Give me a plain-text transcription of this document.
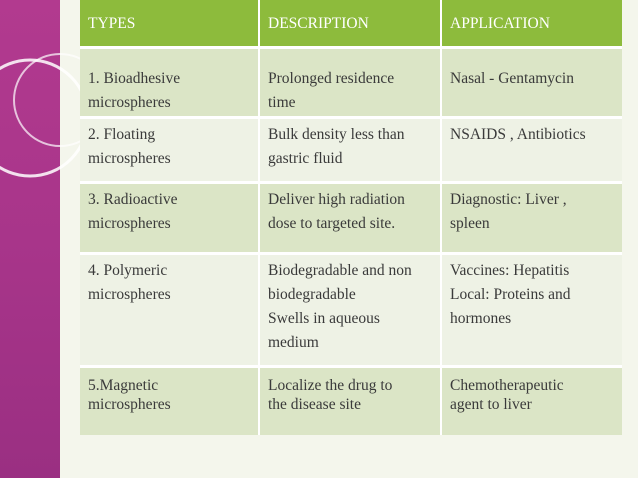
TYPES	DESCRIPTION	APPLICATION
1. Bioadhesive
microspheres
Prolonged residence
time
Nasal - Gentamycin
2. Floating
microspheres
Bulk density less than
gastric fluid
NSAIDS , Antibiotics
3. Radioactive
microspheres
Deliver high radiation
dose to targeted site.
Diagnostic: Liver ,
spleen
4. Polymeric
microspheres
Biodegradable and non
biodegradable
Swells in aqueous
medium
Vaccines: Hepatitis
Local: Proteins and
hormones
5.Magnetic
microspheres
Localize the drug to
the disease site
Chemotherapeutic
agent to liver
